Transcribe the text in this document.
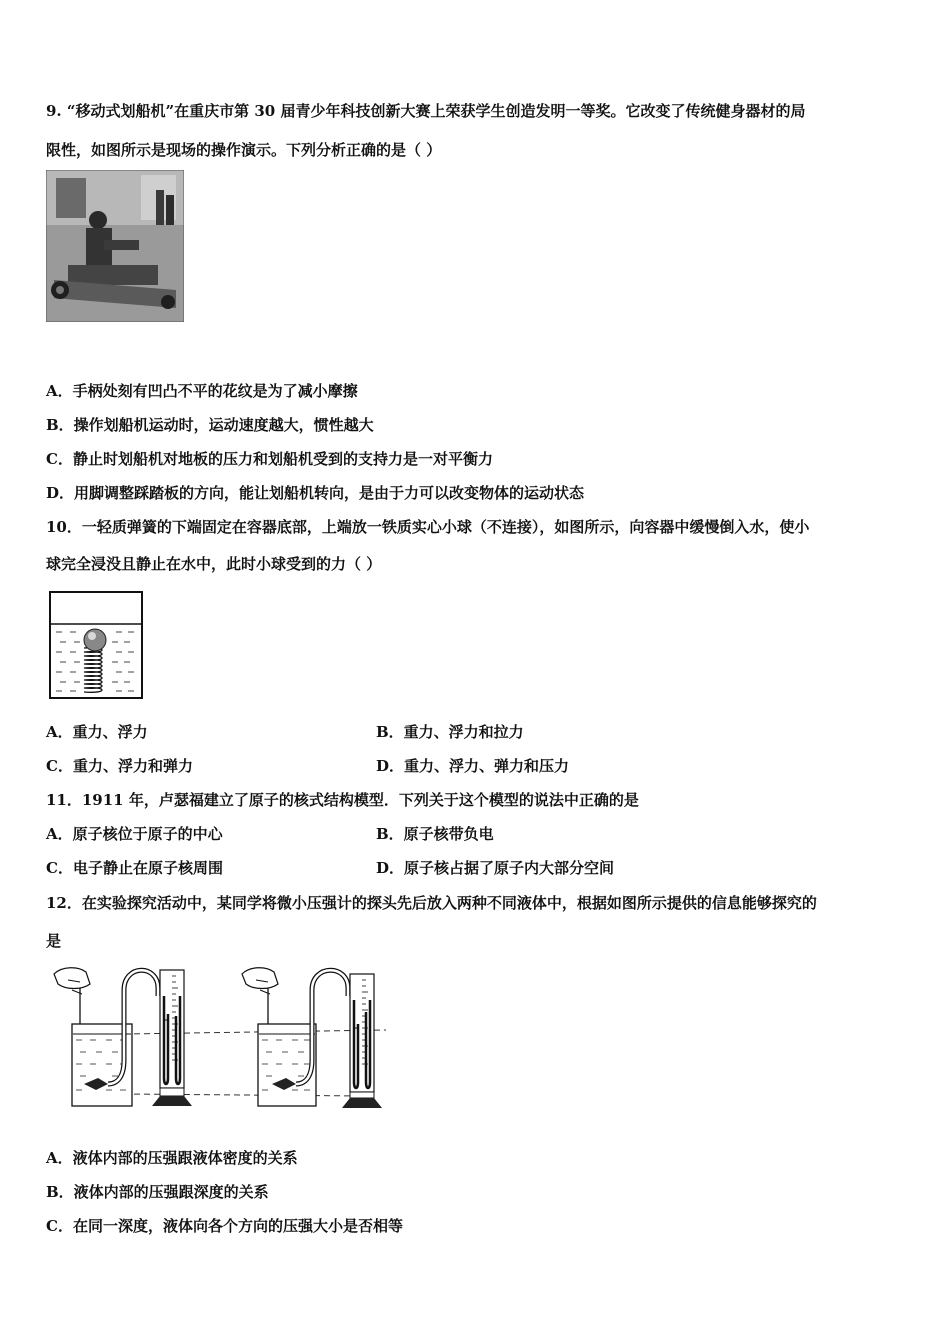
9. “移动式划船机”在重庆市第 30 届青少年科技创新大赛上荣获学生创造发明一等奖。它改变了传统健身器材的局
限性，如图所示是现场的操作演示。下列分析正确的是（ ）
A．手柄处刻有凹凸不平的花纹是为了减小摩擦
B．操作划船机运动时，运动速度越大，惯性越大
C．静止时划船机对地板的压力和划船机受到的支持力是一对平衡力
D．用脚调整踩踏板的方向，能让划船机转向，是由于力可以改变物体的运动状态
10．一轻质弹簧的下端固定在容器底部，上端放一铁质实心小球（不连接），如图所示，向容器中缓慢倒入水，使小
球完全浸没且静止在水中，此时小球受到的力（ ）
A．重力、浮力	B．重力、浮力和拉力
C．重力、浮力和弹力	D．重力、浮力、弹力和压力
11．1911 年，卢瑟福建立了原子的核式结构模型．下列关于这个模型的说法中正确的是
A．原子核位于原子的中心	B．原子核带负电
C．电子静止在原子核周围	D．原子核占据了原子内大部分空间
12．在实验探究活动中，某同学将微小压强计的探头先后放入两种不同液体中，根据如图所示提供的信息能够探究的
是
A．液体内部的压强跟液体密度的关系
B．液体内部的压强跟深度的关系
C．在同一深度，液体向各个方向的压强大小是否相等
